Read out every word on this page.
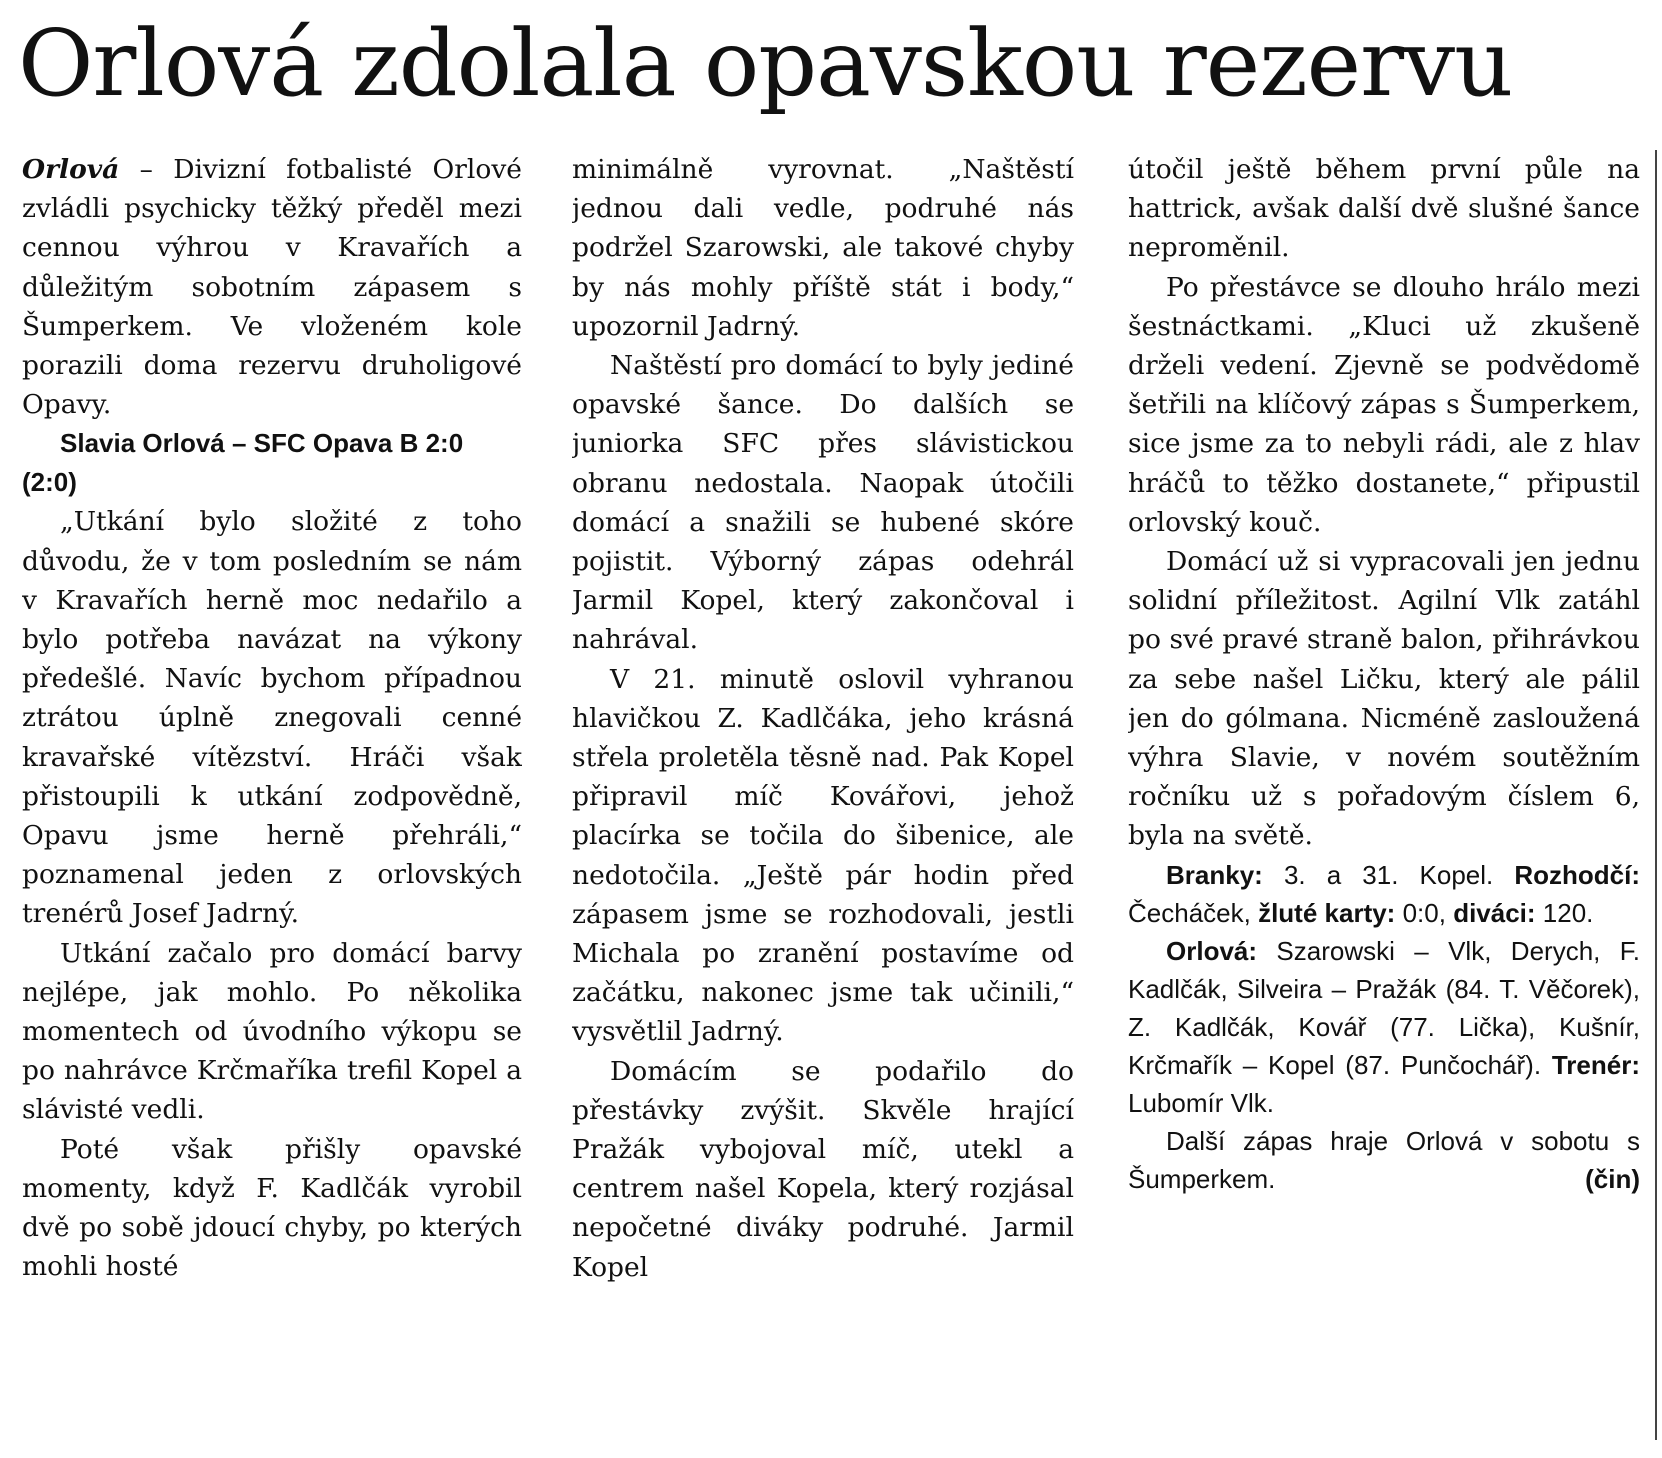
Orlová zdolala opavskou rezervu

Orlová – Divizní fotbalisté Orlové zvládli psychicky těžký předěl mezi cennou výhrou v Kravařích a důležitým sobotním zápasem s Šumperkem. Ve vloženém kole porazili doma rezervu druholigové Opavy.

Slavia Orlová – SFC Opava B 2:0
(2:0)

„Utkání bylo složité z toho důvodu, že v tom posledním se nám v Kravařích herně moc nedařilo a bylo potřeba navázat na výkony předešlé. Navíc bychom případnou ztrátou úplně znegovali cenné kravařské vítězství. Hráči však přistoupili k utkání zodpovědně, Opavu jsme herně přehráli,“ poznamenal jeden z orlovských trenérů Josef Jadrný.

Utkání začalo pro domácí barvy nejlépe, jak mohlo. Po několika momentech od úvodního výkopu se po nahrávce Krčmaříka trefil Kopel a slávisté vedli.

Poté však přišly opavské momenty, když F. Kadlčák vyrobil dvě po sobě jdoucí chyby, po kterých mohli hosté

minimálně vyrovnat. „Naštěstí jednou dali vedle, podruhé nás podržel Szarowski, ale takové chyby by nás mohly příště stát i body,“ upozornil Jadrný.

Naštěstí pro domácí to byly jediné opavské šance. Do dalších se juniorka SFC přes slávistickou obranu nedostala. Naopak útočili domácí a snažili se hubené skóre pojistit. Výborný zápas odehrál Jarmil Kopel, který zakončoval i nahrával.

V 21. minutě oslovil vyhranou hlavičkou Z. Kadlčáka, jeho krásná střela proletěla těsně nad. Pak Kopel připravil míč Kovářovi, jehož placírka se točila do šibenice, ale nedotočila. „Ještě pár hodin před zápasem jsme se rozhodovali, jestli Michala po zranění postavíme od začátku, nakonec jsme tak učinili,“ vysvětlil Jadrný.

Domácím se podařilo do přestávky zvýšit. Skvěle hrající Pražák vybojoval míč, utekl a centrem našel Kopela, který rozjásal nepočetné diváky podruhé. Jarmil Kopel

útočil ještě během první půle na hattrick, avšak další dvě slušné šance neproměnil.

Po přestávce se dlouho hrálo mezi šestnáctkami. „Kluci už zkušeně drželi vedení. Zjevně se podvědomě šetřili na klíčový zápas s Šumperkem, sice jsme za to nebyli rádi, ale z hlav hráčů to těžko dostanete,“ připustil orlovský kouč.

Domácí už si vypracovali jen jednu solidní příležitost. Agilní Vlk zatáhl po své pravé straně balon, přihrávkou za sebe našel Ličku, který ale pálil jen do gólmana. Nicméně zasloužená výhra Slavie, v novém soutěžním ročníku už s pořadovým číslem 6, byla na světě.

Branky: 3. a 31. Kopel. Rozhodčí: Čecháček, žluté karty: 0:0, diváci: 120.

Orlová: Szarowski – Vlk, Derych, F. Kadlčák, Silveira – Pražák (84. T. Věčorek), Z. Kadlčák, Kovář (77. Lička), Kušnír, Krčmařík – Kopel (87. Punčochář). Trenér: Lubomír Vlk.

Další zápas hraje Orlová v sobotu s Šumperkem.	(čin)
